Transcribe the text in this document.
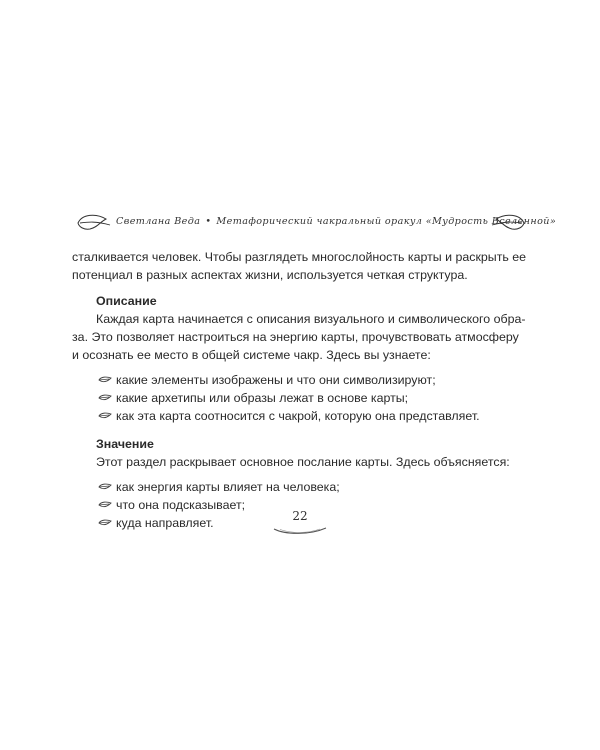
Светлана Веда • Метафорический чакральный оракул «Мудрость Вселенной»
сталкивается человек. Чтобы разглядеть многослойность карты и раскрыть ее
потенциал в разных аспектах жизни, используется четкая структура.
Описание
Каждая карта начинается с описания визуального и символического обра-
за. Это позволяет настроиться на энергию карты, прочувствовать атмосферу
и осознать ее место в общей системе чакр. Здесь вы узнаете:
какие элементы изображены и что они символизируют;
какие архетипы или образы лежат в основе карты;
как эта карта соотносится с чакрой, которую она представляет.
Значение
Этот раздел раскрывает основное послание карты. Здесь объясняется:
как энергия карты влияет на человека;
что она подсказывает;
куда направляет.	22
